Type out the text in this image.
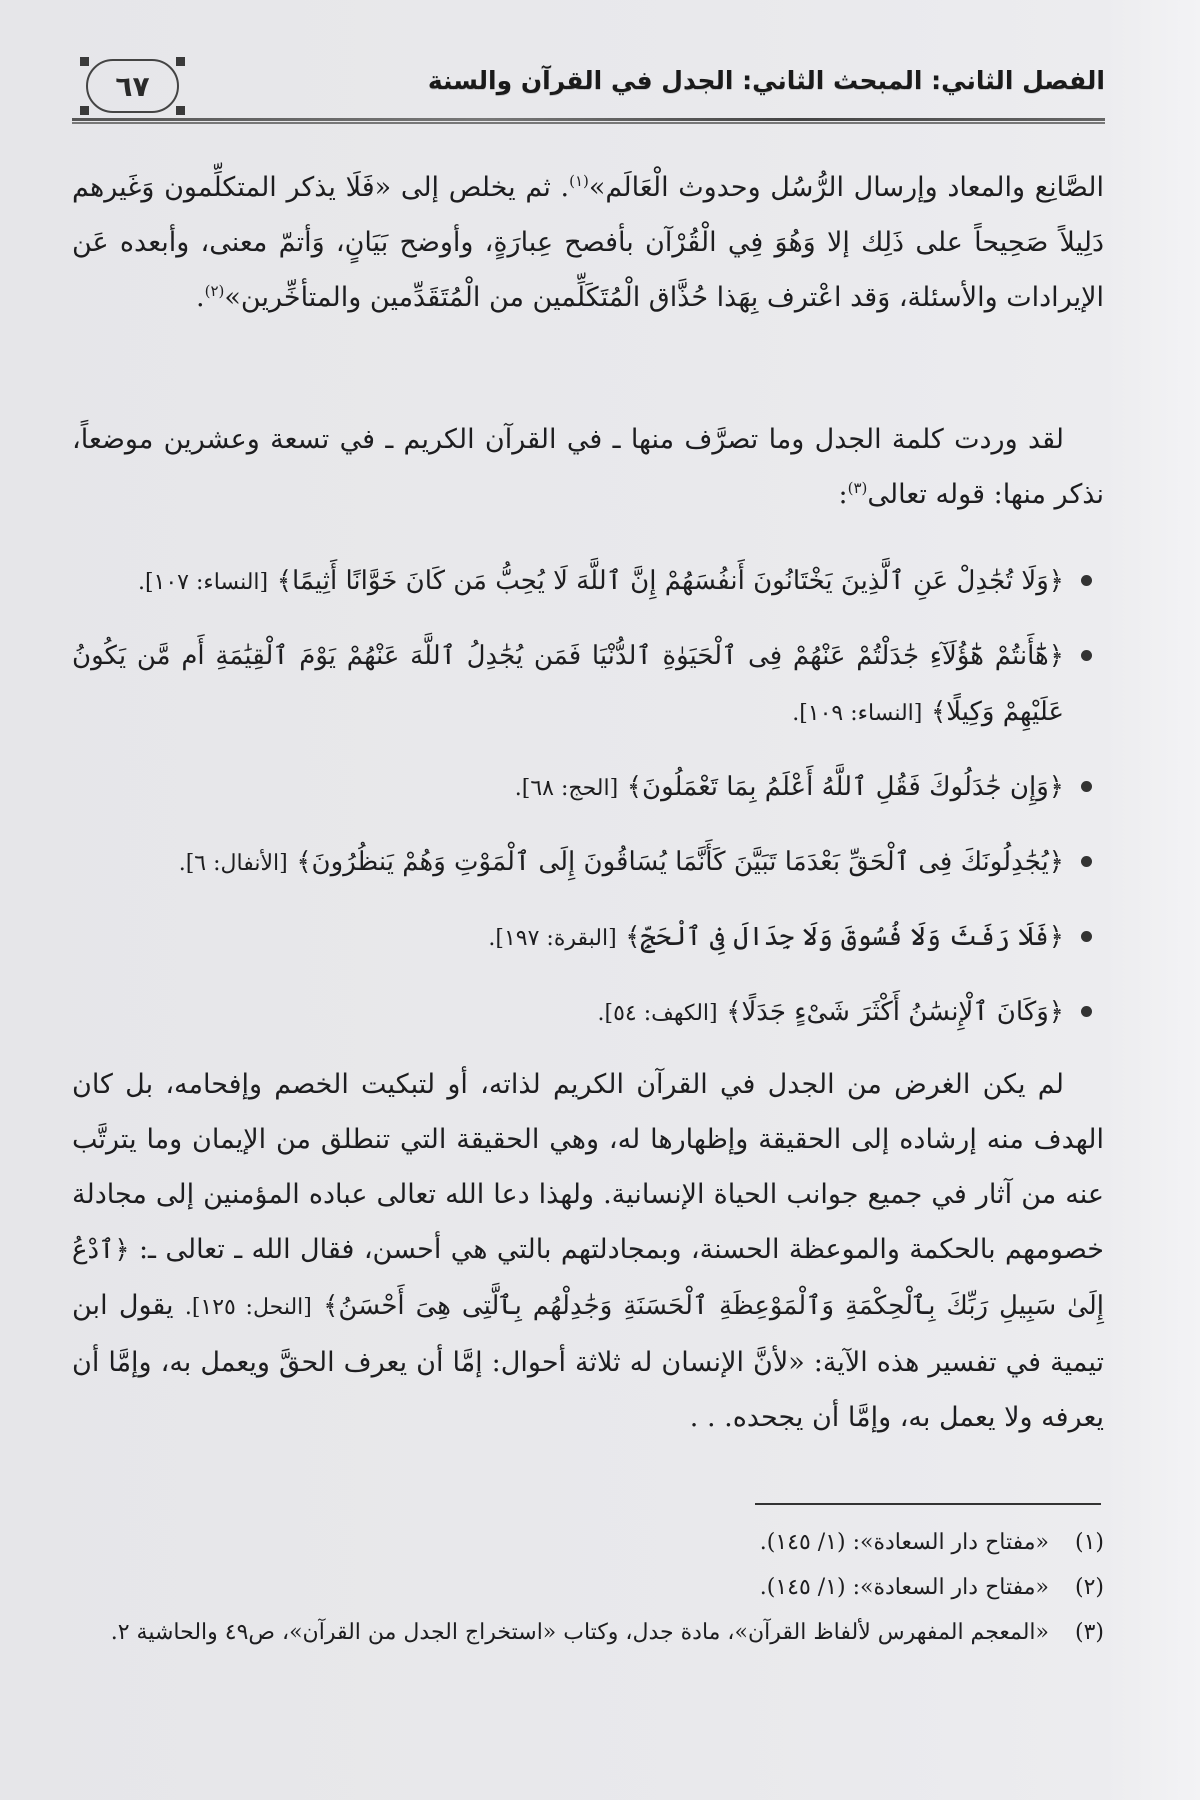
الفصل الثاني: المبحث الثاني: الجدل في القرآن والسنة
٦٧

الصَّانِع والمعاد وإرسال الرُّسُل وحدوث الْعَالَم»$^{(١)}$. ثم يخلص إلى «فَلَا يذكر المتكلِّمون وَغَيرهم دَلِيلاً صَحِيحاً على ذَلِك إلا وَهُوَ فِي الْقُرْآن بأفصح عِبارَةٍ، وأوضح بَيَانٍ، وَأتمّ معنى، وأبعده عَن الإيرادات والأسئلة، وَقد اعْترف بِهَذا حُذَّاق الْمُتَكَلِّمين من الْمُتَقَدِّمين والمتأخِّرين»$^{(٢)}$.

لقد وردت كلمة الجدل وما تصرَّف منها ـ في القرآن الكريم ـ في تسعة وعشرين موضعاً، نذكر منها: قوله تعالى$^{(٣)}$:

﴿وَلَا تُجَٰدِلْ عَنِ ٱلَّذِينَ يَخْتَانُونَ أَنفُسَهُمْ إِنَّ ٱللَّهَ لَا يُحِبُّ مَن كَانَ خَوَّانًا أَثِيمًا﴾ [النساء: ١٠٧].
﴿هَٰٓأَنتُمْ هَٰٓؤُلَآءِ جَٰدَلْتُمْ عَنْهُمْ فِى ٱلْحَيَوٰةِ ٱلدُّنْيَا فَمَن يُجَٰدِلُ ٱللَّهَ عَنْهُمْ يَوْمَ ٱلْقِيَٰمَةِ أَم مَّن يَكُونُ عَلَيْهِمْ وَكِيلًا﴾ [النساء: ١٠٩].
﴿وَإِن جَٰدَلُوكَ فَقُلِ ٱللَّهُ أَعْلَمُ بِمَا تَعْمَلُونَ﴾ [الحج: ٦٨].
﴿يُجَٰدِلُونَكَ فِى ٱلْحَقِّ بَعْدَمَا تَبَيَّنَ كَأَنَّمَا يُسَاقُونَ إِلَى ٱلْمَوْتِ وَهُمْ يَنظُرُونَ﴾ [الأنفال: ٦].
﴿فَلَا رَفَثَ وَلَا فُسُوقَ وَلَا جِدَالَ فِى ٱلْحَجِّ﴾ [البقرة: ١٩٧].
﴿وَكَانَ ٱلْإِنسَٰنُ أَكْثَرَ شَىْءٍ جَدَلًا﴾ [الكهف: ٥٤].

لم يكن الغرض من الجدل في القرآن الكريم لذاته، أو لتبكيت الخصم وإفحامه، بل كان الهدف منه إرشاده إلى الحقيقة وإظهارها له، وهي الحقيقة التي تنطلق من الإيمان وما يترتَّب عنه من آثار في جميع جوانب الحياة الإنسانية. ولهذا دعا الله تعالى عباده المؤمنين إلى مجادلة خصومهم بالحكمة والموعظة الحسنة، وبمجادلتهم بالتي هي أحسن، فقال الله ـ تعالى ـ: ﴿ٱدْعُ إِلَىٰ سَبِيلِ رَبِّكَ بِٱلْحِكْمَةِ وَٱلْمَوْعِظَةِ ٱلْحَسَنَةِ وَجَٰدِلْهُم بِٱلَّتِى هِىَ أَحْسَنُ﴾ [النحل: ١٢٥]. يقول ابن تيمية في تفسير هذه الآية: «لأنَّ الإنسان له ثلاثة أحوال: إمَّا أن يعرف الحقَّ ويعمل به، وإمَّا أن يعرفه ولا يعمل به، وإمَّا أن يجحده. . .

(١)
«مفتاح دار السعادة»: (١/ ١٤٥).

(٢)
«مفتاح دار السعادة»: (١/ ١٤٥).

(٣)
«المعجم المفهرس لألفاظ القرآن»، مادة جدل، وكتاب «استخراج الجدل من القرآن»، ص٤٩ والحاشية ٢.
